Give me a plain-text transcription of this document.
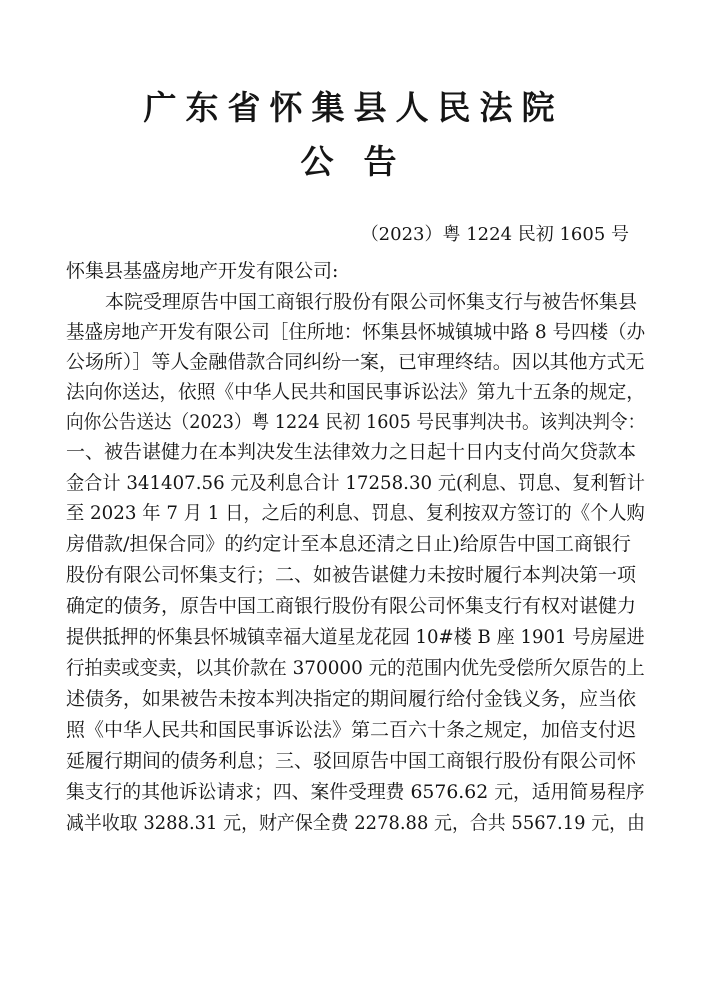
广东省怀集县人民法院
公告
（2023）粤 1224 民初 1605 号
怀集县基盛房地产开发有限公司:
本院受理原告中国工商银行股份有限公司怀集支行与被告怀集县
基盛房地产开发有限公司［住所地：怀集县怀城镇城中路 8 号四楼（办
公场所）］等人金融借款合同纠纷一案，已审理终结。因以其他方式无
法向你送达，依照《中华人民共和国民事诉讼法》第九十五条的规定，
向你公告送达（2023）粤 1224 民初 1605 号民事判决书。该判决判令：
一、被告谌健力在本判决发生法律效力之日起十日内支付尚欠贷款本
金合计 341407.56 元及利息合计 17258.30 元(利息、罚息、复利暂计
至 2023 年 7 月 1 日，之后的利息、罚息、复利按双方签订的《个人购
房借款/担保合同》的约定计至本息还清之日止)给原告中国工商银行
股份有限公司怀集支行；二、如被告谌健力未按时履行本判决第一项
确定的债务，原告中国工商银行股份有限公司怀集支行有权对谌健力
提供抵押的怀集县怀城镇幸福大道星龙花园 10#楼 B 座 1901 号房屋进
行拍卖或变卖，以其价款在 370000 元的范围内优先受偿所欠原告的上
述债务，如果被告未按本判决指定的期间履行给付金钱义务，应当依
照《中华人民共和国民事诉讼法》第二百六十条之规定，加倍支付迟
延履行期间的债务利息；三、驳回原告中国工商银行股份有限公司怀
集支行的其他诉讼请求；四、案件受理费 6576.62 元，适用简易程序
减半收取 3288.31 元，财产保全费 2278.88 元，合共 5567.19 元，由
